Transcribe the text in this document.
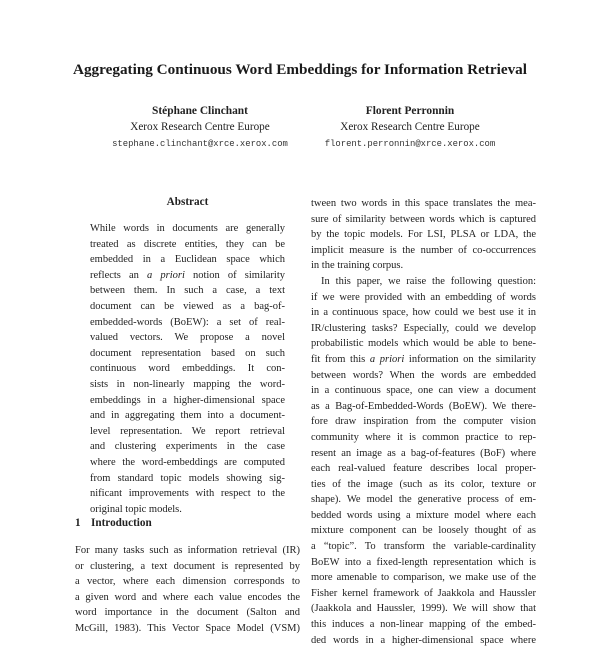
Aggregating Continuous Word Embeddings for Information Retrieval
Stéphane Clinchant
Xerox Research Centre Europe
stephane.clinchant@xrce.xerox.com
Florent Perronnin
Xerox Research Centre Europe
florent.perronnin@xrce.xerox.com
Abstract
While words in documents are generally
treated as discrete entities, they can be
embedded in a Euclidean space which
reflects an a priori notion of similarity
between them. In such a case, a text
document can be viewed as a bag-of-
embedded-words (BoEW): a set of real-
valued vectors. We propose a novel
document representation based on such
continuous word embeddings. It con-
sists in non-linearly mapping the word-
embeddings in a higher-dimensional space
and in aggregating them into a document-
level representation. We report retrieval
and clustering experiments in the case
where the word-embeddings are computed
from standard topic models showing sig-
nificant improvements with respect to the
original topic models.
1 Introduction
For many tasks such as information retrieval (IR)
or clustering, a text document is represented by
a vector, where each dimension corresponds to
a given word and where each value encodes the
word importance in the document (Salton and
McGill, 1983). This Vector Space Model (VSM)
tween two words in this space translates the mea-
sure of similarity between words which is captured
by the topic models. For LSI, PLSA or LDA, the
implicit measure is the number of co-occurrences
in the training corpus.
In this paper, we raise the following question:
if we were provided with an embedding of words
in a continuous space, how could we best use it in
IR/clustering tasks? Especially, could we develop
probabilistic models which would be able to bene-
fit from this a priori information on the similarity
between words? When the words are embedded
in a continuous space, one can view a document
as a Bag-of-Embedded-Words (BoEW). We there-
fore draw inspiration from the computer vision
community where it is common practice to rep-
resent an image as a bag-of-features (BoF) where
each real-valued feature describes local proper-
ties of the image (such as its color, texture or
shape). We model the generative process of em-
bedded words using a mixture model where each
mixture component can be loosely thought of as
a “topic”. To transform the variable-cardinality
BoEW into a fixed-length representation which is
more amenable to comparison, we make use of the
Fisher kernel framework of Jaakkola and Haussler
(Jaakkola and Haussler, 1999). We will show that
this induces a non-linear mapping of the embed-
ded words in a higher-dimensional space where
